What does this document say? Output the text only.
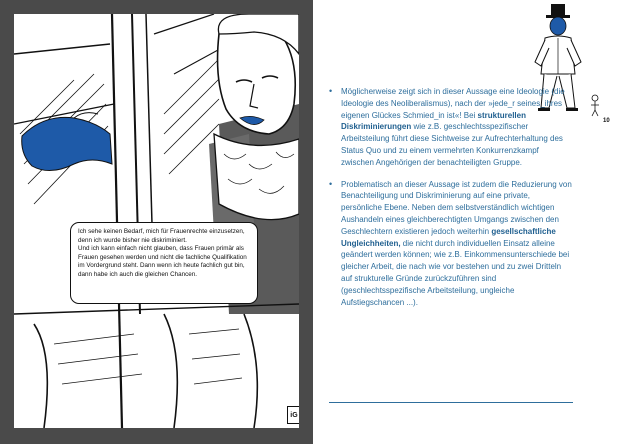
Ich sehe keinen Bedarf, mich für Frauenrechte einzusetzen,

denn ich wurde bisher nie diskriminiert.

Und ich kann einfach nicht glauben, dass Frauen primär als

Frauen gesehen werden und nicht die fachliche Qualifikation

im Vordergrund steht. Dann wenn ich heute fachlich gut bin,

dann habe ich auch die gleichen Chancen.

iG
10
• Möglicherweise zeigt sich in dieser Aussage eine Ideologie (die Ideologie des Neoliberalismus), nach der »jede_r seines_ihres eigenen Glückes Schmied_in ist«! Bei strukturellen Diskriminierungen wie z.B. geschlechtsspezifischer Arbeitsteilung führt diese Sichtweise zur Aufrechterhaltung des Status Quo und zu einem vermehrten Konkurrenzkampf zwischen Angehörigen der benachteiligten Gruppe.
• Problematisch an dieser Aussage ist zudem die Reduzierung von Benachteiligung und Diskriminierung auf eine private, persönliche Ebene. Neben dem selbstverständlich wichtigen Aushandeln eines gleichberechtigten Umgangs zwischen den Geschlechtern existieren jedoch weiterhin gesellschaftliche Ungleichheiten, die nicht durch individuellen Einsatz alleine geändert werden können; wie z.B. Einkommensunterschiede bei gleicher Arbeit, die nach wie vor bestehen und zu zwei Dritteln auf strukturelle Gründe zurückzuführen sind (geschlechtsspezifische Arbeitsteilung, ungleiche Aufstiegschancen ...).
